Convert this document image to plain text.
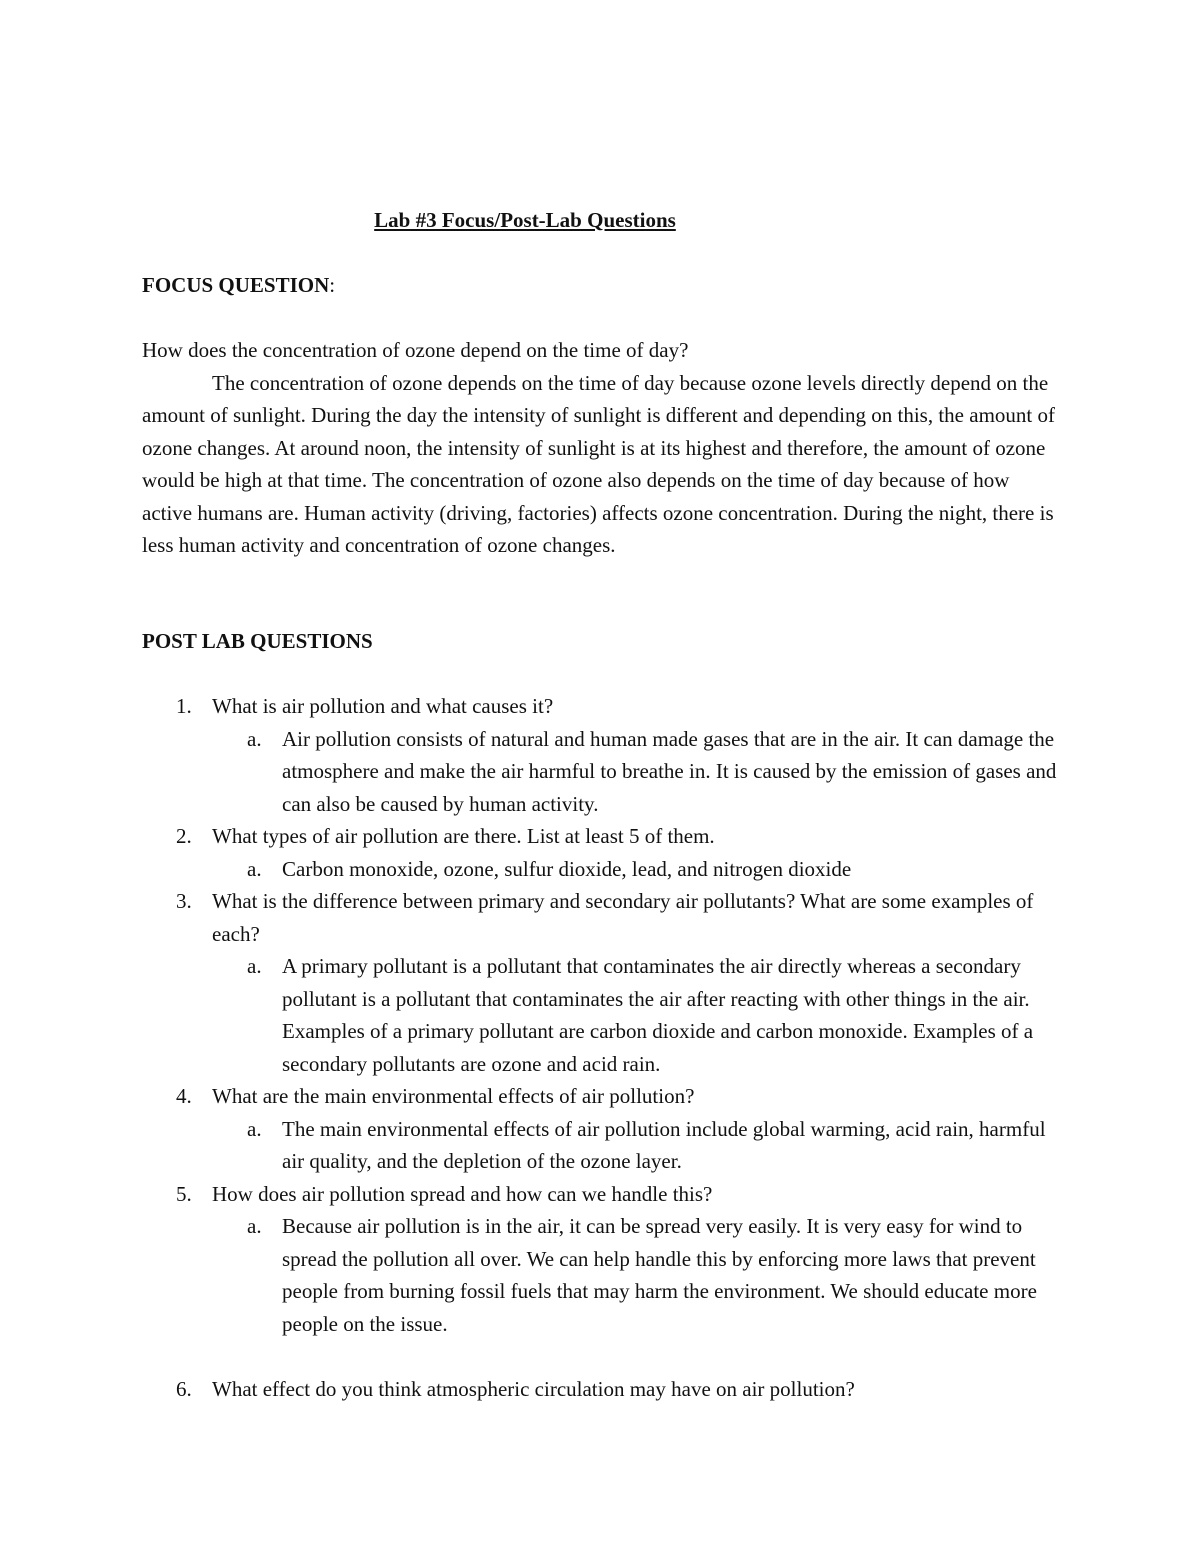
Lab #3 Focus/Post-Lab Questions
FOCUS QUESTION:

How does the concentration of ozone depend on the time of day?

The concentration of ozone depends on the time of day because ozone levels directly depend on the amount of sunlight. During the day the intensity of sunlight is different and depending on this, the amount of ozone changes. At around noon, the intensity of sunlight is at its highest and therefore, the amount of ozone would be high at that time. The concentration of ozone also depends on the time of day because of how active humans are. Human activity (driving, factories) affects ozone concentration. During the night, there is less human activity and concentration of ozone changes.

POST LAB QUESTIONS
1. What is air pollution and what causes it?
a. Air pollution consists of natural and human made gases that are in the air. It can damage the atmosphere and make the air harmful to breathe in. It is caused by the emission of gases and can also be caused by human activity.
2. What types of air pollution are there. List at least 5 of them.
a. Carbon monoxide, ozone, sulfur dioxide, lead, and nitrogen dioxide
3. What is the difference between primary and secondary air pollutants? What are some examples of each?
a. A primary pollutant is a pollutant that contaminates the air directly whereas a secondary pollutant is a pollutant that contaminates the air after reacting with other things in the air. Examples of a primary pollutant are carbon dioxide and carbon monoxide. Examples of a secondary pollutants are ozone and acid rain.
4. What are the main environmental effects of air pollution?
a. The main environmental effects of air pollution include global warming, acid rain, harmful air quality, and the depletion of the ozone layer.
5. How does air pollution spread and how can we handle this?
a. Because air pollution is in the air, it can be spread very easily. It is very easy for wind to spread the pollution all over. We can help handle this by enforcing more laws that prevent people from burning fossil fuels that may harm the environment. We should educate more people on the issue.
6. What effect do you think atmospheric circulation may have on air pollution?
